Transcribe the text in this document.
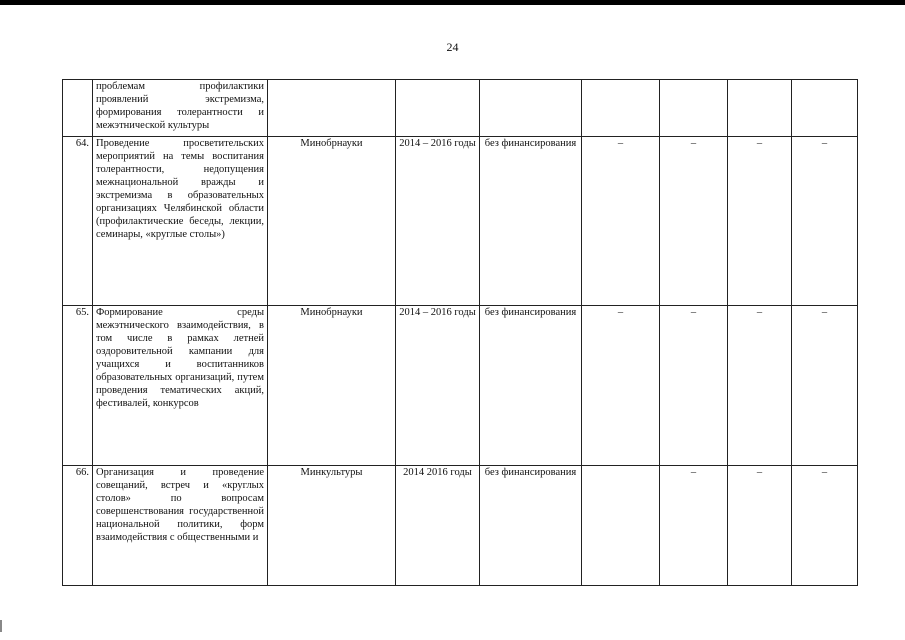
24
	проблемам профилактики проявлений экстремизма, формирования толерантности и межэтнической культуры							
64.	Проведение просветительских мероприятий на темы воспитания толерантности, недопущения межнациональной вражды и экстремизма в образовательных организациях Челябинской области (профилактические беседы, лекции, семинары, «круглые столы»)	Минобрнауки	2014 – 2016 годы	без финансирования	–	–	–	–
65.	Формирование среды межэтнического взаимодействия, в том числе в рамках летней оздоровительной кампании для учащихся и воспитанников образовательных организаций, путем проведения тематических акций, фестивалей, конкурсов	Минобрнауки	2014 – 2016 годы	без финансирования	–	–	–	–
66.	Организация и проведение совещаний, встреч и «круглых столов» по вопросам совершенствования государственной национальной политики, форм взаимодействия с общественными и	Минкультуры	2014 2016 годы	без финансирования		–	–	–
